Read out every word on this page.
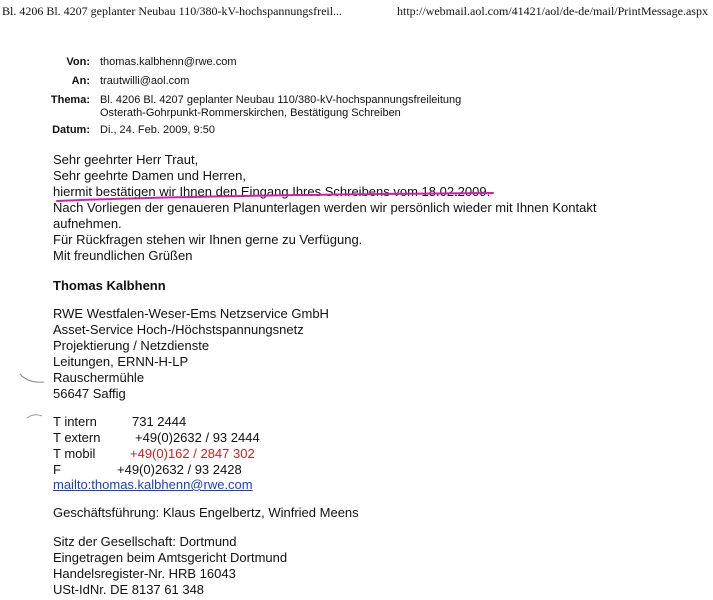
Bl. 4206 Bl. 4207 geplanter Neubau 110/380-kV-hochspannungsfreil...	http://webmail.aol.com/41421/aol/de-de/mail/PrintMessage.aspx
Von: thomas.kalbhenn@rwe.com
An: trautwilli@aol.com
Thema: Bl. 4206 Bl. 4207 geplanter Neubau 110/380-kV-hochspannungsfreileitung
Osterath-Gohrpunkt-Rommerskirchen, Bestätigung Schreiben
Datum: Di., 24. Feb. 2009, 9:50
Sehr geehrter Herr Traut,
Sehr geehrte Damen und Herren,
hiermit bestätigen wir Ihnen den Eingang Ihres Schreibens vom 18.02.2009.
Nach Vorliegen der genaueren Planunterlagen werden wir persönlich wieder mit Ihnen Kontakt
aufnehmen.
Für Rückfragen stehen wir Ihnen gerne zu Verfügung.
Mit freundlichen Grüßen
Thomas Kalbhenn
RWE Westfalen-Weser-Ems Netzservice GmbH
Asset-Service Hoch-/Höchstspannungsnetz
Projektierung / Netzdienste
Leitungen, ERNN-H-LP
Rauschermühle
56647 Saffig
T intern	731 2444
T extern	+49(0)2632 / 93 2444
T mobil	+49(0)162 / 2847 302
F	+49(0)2632 / 93 2428
mailto:thomas.kalbhenn@rwe.com
Geschäftsführung: Klaus Engelbertz, Winfried Meens
Sitz der Gesellschaft: Dortmund
Eingetragen beim Amtsgericht Dortmund
Handelsregister-Nr. HRB 16043
USt-IdNr. DE 8137 61 348
